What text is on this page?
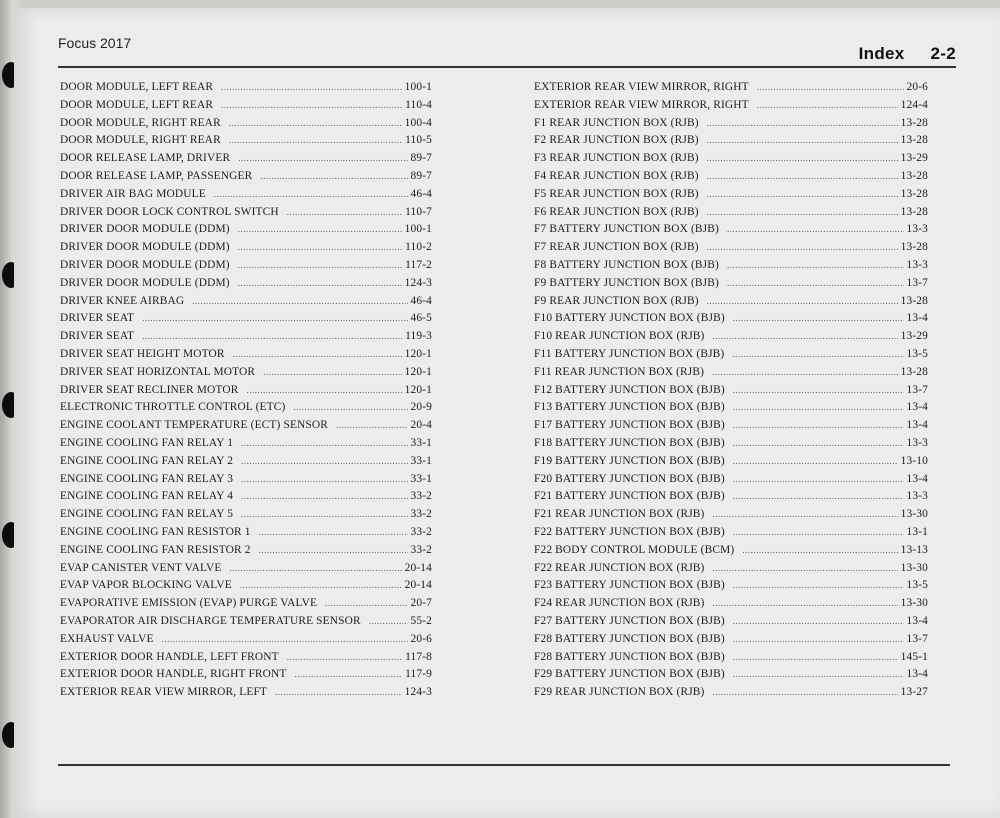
Focus 2017
Index 2-2
DOOR MODULE, LEFT REAR .....	100-1
DOOR MODULE, LEFT REAR .....	110-4
DOOR MODULE, RIGHT REAR .....	100-4
DOOR MODULE, RIGHT REAR .....	110-5
DOOR RELEASE LAMP, DRIVER .....	89-7
DOOR RELEASE LAMP, PASSENGER .....	89-7
DRIVER AIR BAG MODULE .....	46-4
DRIVER DOOR LOCK CONTROL SWITCH .....	110-7
DRIVER DOOR MODULE (DDM) .....	100-1
DRIVER DOOR MODULE (DDM) .....	110-2
DRIVER DOOR MODULE (DDM) .....	117-2
DRIVER DOOR MODULE (DDM) .....	124-3
DRIVER KNEE AIRBAG .....	46-4
DRIVER SEAT .....	46-5
DRIVER SEAT .....	119-3
DRIVER SEAT HEIGHT MOTOR .....	120-1
DRIVER SEAT HORIZONTAL MOTOR .....	120-1
DRIVER SEAT RECLINER MOTOR .....	120-1
ELECTRONIC THROTTLE CONTROL (ETC) .....	20-9
ENGINE COOLANT TEMPERATURE (ECT) SENSOR .....	20-4
ENGINE COOLING FAN RELAY 1 .....	33-1
ENGINE COOLING FAN RELAY 2 .....	33-1
ENGINE COOLING FAN RELAY 3 .....	33-1
ENGINE COOLING FAN RELAY 4 .....	33-2
ENGINE COOLING FAN RELAY 5 .....	33-2
ENGINE COOLING FAN RESISTOR 1 .....	33-2
ENGINE COOLING FAN RESISTOR 2 .....	33-2
EVAP CANISTER VENT VALVE .....	20-14
EVAP VAPOR BLOCKING VALVE .....	20-14
EVAPORATIVE EMISSION (EVAP) PURGE VALVE .....	20-7
EVAPORATOR AIR DISCHARGE TEMPERATURE SENSOR .....	55-2
EXHAUST VALVE .....	20-6
EXTERIOR DOOR HANDLE, LEFT FRONT .....	117-8
EXTERIOR DOOR HANDLE, RIGHT FRONT .....	117-9
EXTERIOR REAR VIEW MIRROR, LEFT .....	124-3
EXTERIOR REAR VIEW MIRROR, RIGHT .....	20-6
EXTERIOR REAR VIEW MIRROR, RIGHT .....	124-4
F1 REAR JUNCTION BOX (RJB) .....	13-28
F2 REAR JUNCTION BOX (RJB) .....	13-28
F3 REAR JUNCTION BOX (RJB) .....	13-29
F4 REAR JUNCTION BOX (RJB) .....	13-28
F5 REAR JUNCTION BOX (RJB) .....	13-28
F6 REAR JUNCTION BOX (RJB) .....	13-28
F7 BATTERY JUNCTION BOX (BJB) .....	13-3
F7 REAR JUNCTION BOX (RJB) .....	13-28
F8 BATTERY JUNCTION BOX (BJB) .....	13-3
F9 BATTERY JUNCTION BOX (BJB) .....	13-7
F9 REAR JUNCTION BOX (RJB) .....	13-28
F10 BATTERY JUNCTION BOX (BJB) .....	13-4
F10 REAR JUNCTION BOX (RJB) .....	13-29
F11 BATTERY JUNCTION BOX (BJB) .....	13-5
F11 REAR JUNCTION BOX (RJB) .....	13-28
F12 BATTERY JUNCTION BOX (BJB) .....	13-7
F13 BATTERY JUNCTION BOX (BJB) .....	13-4
F17 BATTERY JUNCTION BOX (BJB) .....	13-4
F18 BATTERY JUNCTION BOX (BJB) .....	13-3
F19 BATTERY JUNCTION BOX (BJB) .....	13-10
F20 BATTERY JUNCTION BOX (BJB) .....	13-4
F21 BATTERY JUNCTION BOX (BJB) .....	13-3
F21 REAR JUNCTION BOX (RJB) .....	13-30
F22 BATTERY JUNCTION BOX (BJB) .....	13-1
F22 BODY CONTROL MODULE (BCM) .....	13-13
F22 REAR JUNCTION BOX (RJB) .....	13-30
F23 BATTERY JUNCTION BOX (BJB) .....	13-5
F24 REAR JUNCTION BOX (RJB) .....	13-30
F27 BATTERY JUNCTION BOX (BJB) .....	13-4
F28 BATTERY JUNCTION BOX (BJB) .....	13-7
F28 BATTERY JUNCTION BOX (BJB) .....	145-1
F29 BATTERY JUNCTION BOX (BJB) .....	13-4
F29 REAR JUNCTION BOX (RJB) .....	13-27
